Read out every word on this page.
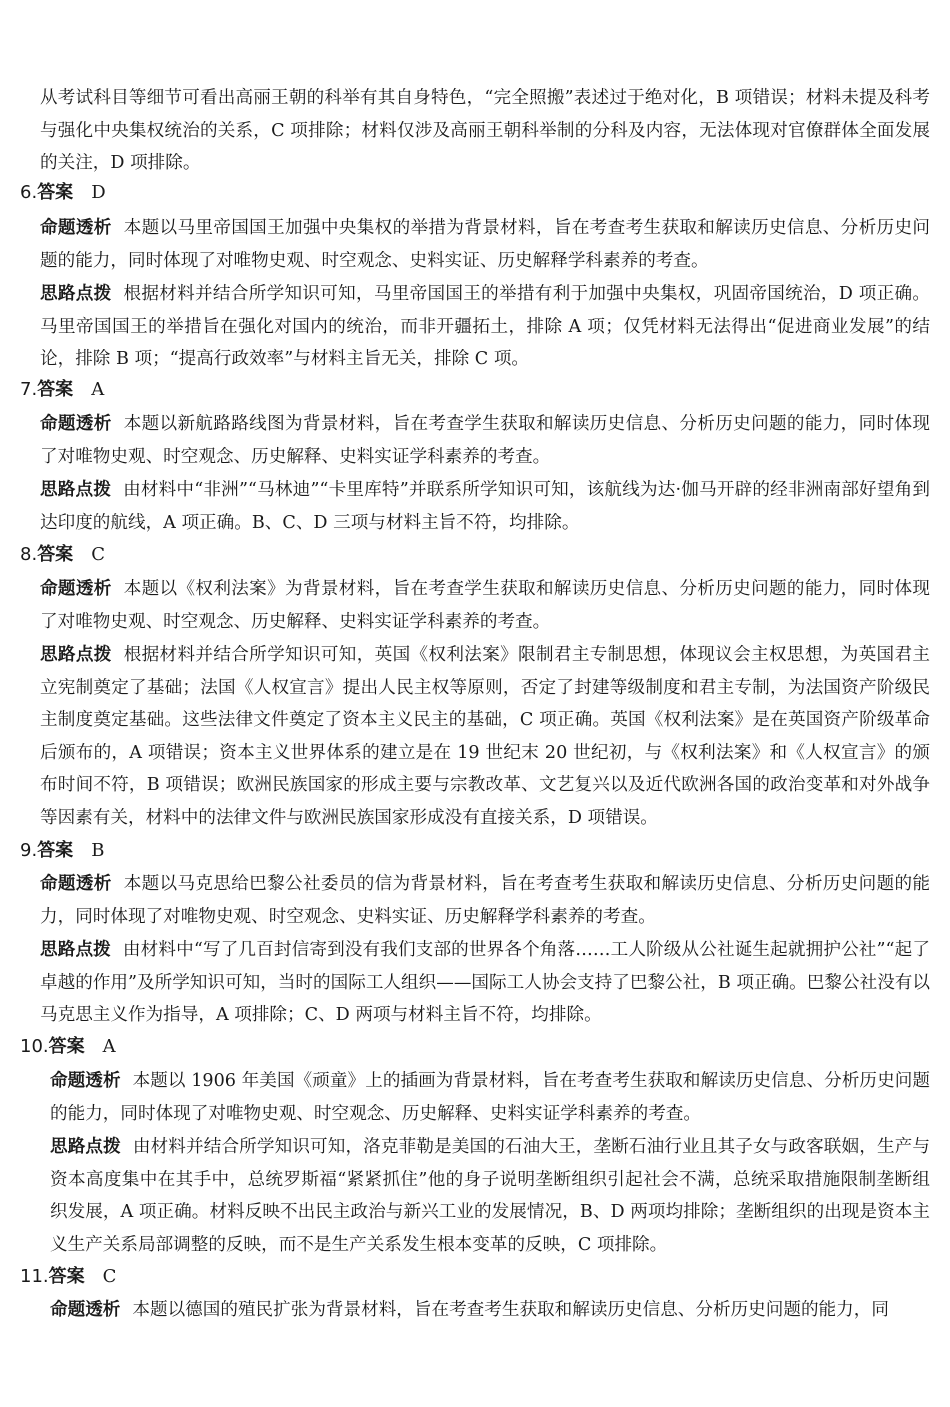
从考试科目等细节可看出高丽王朝的科举有其自身特色，“完全照搬”表述过于绝对化，B 项错误；材料未提及科考与强化中央集权统治的关系，C 项排除；材料仅涉及高丽王朝科举制的分科及内容，无法体现对官僚群体全面发展的关注，D 项排除。

6.答案 D

命题透析 本题以马里帝国国王加强中央集权的举措为背景材料，旨在考查考生获取和解读历史信息、分析历史问题的能力，同时体现了对唯物史观、时空观念、史料实证、历史解释学科素养的考查。

思路点拨 根据材料并结合所学知识可知，马里帝国国王的举措有利于加强中央集权，巩固帝国统治，D 项正确。马里帝国国王的举措旨在强化对国内的统治，而非开疆拓土，排除 A 项；仅凭材料无法得出“促进商业发展”的结论，排除 B 项；“提高行政效率”与材料主旨无关，排除 C 项。

7.答案 A

命题透析 本题以新航路路线图为背景材料，旨在考查学生获取和解读历史信息、分析历史问题的能力，同时体现了对唯物史观、时空观念、历史解释、史料实证学科素养的考查。

思路点拨 由材料中“非洲”“马林迪”“卡里库特”并联系所学知识可知，该航线为达·伽马开辟的经非洲南部好望角到达印度的航线，A 项正确。B、C、D 三项与材料主旨不符，均排除。

8.答案 C

命题透析 本题以《权利法案》为背景材料，旨在考查学生获取和解读历史信息、分析历史问题的能力，同时体现了对唯物史观、时空观念、历史解释、史料实证学科素养的考查。

思路点拨 根据材料并结合所学知识可知，英国《权利法案》限制君主专制思想，体现议会主权思想，为英国君主立宪制奠定了基础；法国《人权宣言》提出人民主权等原则，否定了封建等级制度和君主专制，为法国资产阶级民主制度奠定基础。这些法律文件奠定了资本主义民主的基础，C 项正确。英国《权利法案》是在英国资产阶级革命后颁布的，A 项错误；资本主义世界体系的建立是在 19 世纪末 20 世纪初，与《权利法案》和《人权宣言》的颁布时间不符，B 项错误；欧洲民族国家的形成主要与宗教改革、文艺复兴以及近代欧洲各国的政治变革和对外战争等因素有关，材料中的法律文件与欧洲民族国家形成没有直接关系，D 项错误。

9.答案 B

命题透析 本题以马克思给巴黎公社委员的信为背景材料，旨在考查考生获取和解读历史信息、分析历史问题的能力，同时体现了对唯物史观、时空观念、史料实证、历史解释学科素养的考查。

思路点拨 由材料中“写了几百封信寄到没有我们支部的世界各个角落……工人阶级从公社诞生起就拥护公社”“起了卓越的作用”及所学知识可知，当时的国际工人组织——国际工人协会支持了巴黎公社，B 项正确。巴黎公社没有以马克思主义作为指导，A 项排除；C、D 两项与材料主旨不符，均排除。

10.答案 A

命题透析 本题以 1906 年美国《顽童》上的插画为背景材料，旨在考查考生获取和解读历史信息、分析历史问题的能力，同时体现了对唯物史观、时空观念、历史解释、史料实证学科素养的考查。

思路点拨 由材料并结合所学知识可知，洛克菲勒是美国的石油大王，垄断石油行业且其子女与政客联姻，生产与资本高度集中在其手中，总统罗斯福“紧紧抓住”他的身子说明垄断组织引起社会不满，总统采取措施限制垄断组织发展，A 项正确。材料反映不出民主政治与新兴工业的发展情况，B、D 两项均排除；垄断组织的出现是资本主义生产关系局部调整的反映，而不是生产关系发生根本变革的反映，C 项排除。

11.答案 C

命题透析 本题以德国的殖民扩张为背景材料，旨在考查考生获取和解读历史信息、分析历史问题的能力，同
